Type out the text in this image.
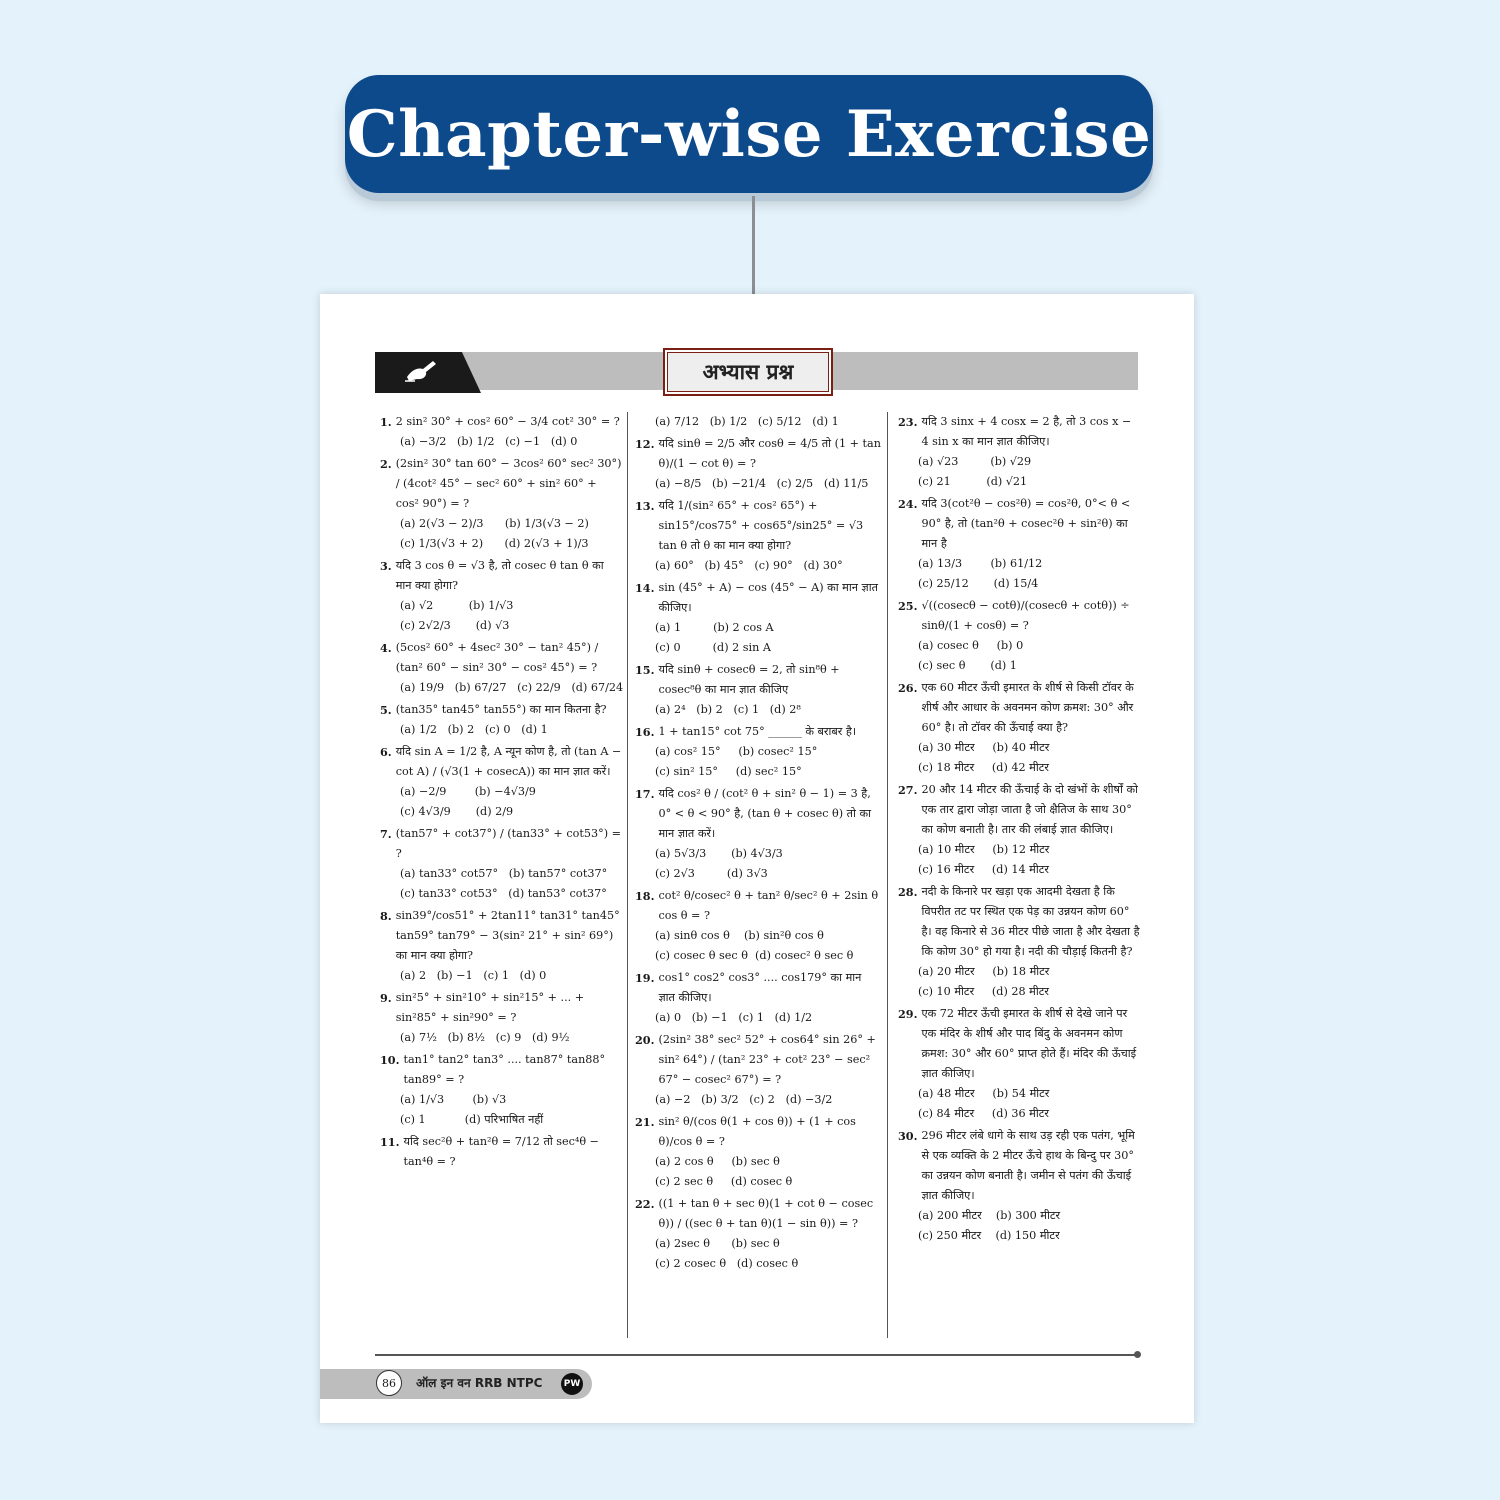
Chapter-wise Exercise
अभ्यास प्रश्न
1. 2 sin² 30° + cos² 60° − 3/4 cot² 30° = ?
(a) −3/2   (b) 1/2   (c) −1   (d) 0
2. (2sin² 30° tan 60° − 3cos² 60° sec² 30°) / (4cot² 45° − sec² 60° + sin² 60° + cos² 90°) = ?
(a) 2(√3 − 2)/3      (b) 1/3(√3 − 2)
(c) 1/3(√3 + 2)      (d) 2(√3 + 1)/3
3. यदि 3 cos θ = √3 है, तो cosec θ tan θ का मान क्या होगा?
(a) √2          (b) 1/√3
(c) 2√2/3       (d) √3
4. (5cos² 60° + 4sec² 30° − tan² 45°) / (tan² 60° − sin² 30° − cos² 45°) = ?
(a) 19/9   (b) 67/27   (c) 22/9   (d) 67/24
5. (tan35° tan45° tan55°) का मान कितना है?
(a) 1/2   (b) 2   (c) 0   (d) 1
6. यदि sin A = 1/2 है, A न्यून कोण है, तो (tan A − cot A) / (√3(1 + cosecA)) का मान ज्ञात करें।
(a) −2/9        (b) −4√3/9
(c) 4√3/9       (d) 2/9
7. (tan57° + cot37°) / (tan33° + cot53°) = ?
(a) tan33° cot57°   (b) tan57° cot37°
(c) tan33° cot53°   (d) tan53° cot37°
8. sin39°/cos51° + 2tan11° tan31° tan45° tan59° tan79° − 3(sin² 21° + sin² 69°) का मान क्या होगा?
(a) 2   (b) −1   (c) 1   (d) 0
9. sin²5° + sin²10° + sin²15° + ... + sin²85° + sin²90° = ?
(a) 7½   (b) 8½   (c) 9   (d) 9½
10. tan1° tan2° tan3° .... tan87° tan88° tan89° = ?
(a) 1/√3        (b) √3
(c) 1           (d) परिभाषित नहीं
11. यदि sec²θ + tan²θ = 7/12 तो sec⁴θ − tan⁴θ = ?
(a) 7/12   (b) 1/2   (c) 5/12   (d) 1
12. यदि sinθ = 2/5 और cosθ = 4/5 तो (1 + tan θ)/(1 − cot θ) = ?
(a) −8/5   (b) −21/4   (c) 2/5   (d) 11/5
13. यदि 1/(sin² 65° + cos² 65°) + sin15°/cos75° + cos65°/sin25° = √3 tan θ तो θ का मान क्या होगा?
(a) 60°   (b) 45°   (c) 90°   (d) 30°
14. sin (45° + A) − cos (45° − A) का मान ज्ञात कीजिए।
(a) 1         (b) 2 cos A
(c) 0         (d) 2 sin A
15. यदि sinθ + cosecθ = 2, तो sin⁸θ + cosec⁸θ का मान ज्ञात कीजिए
(a) 2⁴   (b) 2   (c) 1   (d) 2⁸
16. 1 + tan15° cot 75° ______ के बराबर है।
(a) cos² 15°     (b) cosec² 15°
(c) sin² 15°     (d) sec² 15°
17. यदि cos² θ / (cot² θ + sin² θ − 1) = 3 है, 0° < θ < 90° है, (tan θ + cosec θ) तो का मान ज्ञात करें।
(a) 5√3/3       (b) 4√3/3
(c) 2√3         (d) 3√3
18. cot² θ/cosec² θ + tan² θ/sec² θ + 2sin θ cos θ = ?
(a) sinθ cos θ    (b) sin²θ cos θ
(c) cosec θ sec θ  (d) cosec² θ sec θ
19. cos1° cos2° cos3° .... cos179° का मान ज्ञात कीजिए।
(a) 0   (b) −1   (c) 1   (d) 1/2
20. (2sin² 38° sec² 52° + cos64° sin 26° + sin² 64°) / (tan² 23° + cot² 23° − sec² 67° − cosec² 67°) = ?
(a) −2   (b) 3/2   (c) 2   (d) −3/2
21. sin² θ/(cos θ(1 + cos θ)) + (1 + cos θ)/cos θ = ?
(a) 2 cos θ     (b) sec θ
(c) 2 sec θ     (d) cosec θ
22. ((1 + tan θ + sec θ)(1 + cot θ − cosec θ)) / ((sec θ + tan θ)(1 − sin θ)) = ?
(a) 2sec θ      (b) sec θ
(c) 2 cosec θ   (d) cosec θ
23. यदि 3 sinx + 4 cosx = 2 है, तो 3 cos x − 4 sin x का मान ज्ञात कीजिए।
(a) √23         (b) √29
(c) 21          (d) √21
24. यदि 3(cot²θ − cos²θ) = cos²θ, 0°< θ < 90° है, तो (tan²θ + cosec²θ + sin²θ) का मान है
(a) 13/3        (b) 61/12
(c) 25/12       (d) 15/4
25. √((cosecθ − cotθ)/(cosecθ + cotθ)) ÷ sinθ/(1 + cosθ) = ?
(a) cosec θ     (b) 0
(c) sec θ       (d) 1
26. एक 60 मीटर ऊँची इमारत के शीर्ष से किसी टॉवर के शीर्ष और आधार के अवनमन कोण क्रमश: 30° और 60° है। तो टॉवर की ऊँचाई क्या है?
(a) 30 मीटर     (b) 40 मीटर
(c) 18 मीटर     (d) 42 मीटर
27. 20 और 14 मीटर की ऊँचाई के दो खंभों के शीर्षों को एक तार द्वारा जोड़ा जाता है जो क्षैतिज के साथ 30° का कोण बनाती है। तार की लंबाई ज्ञात कीजिए।
(a) 10 मीटर     (b) 12 मीटर
(c) 16 मीटर     (d) 14 मीटर
28. नदी के किनारे पर खड़ा एक आदमी देखता है कि विपरीत तट पर स्थित एक पेड़ का उन्नयन कोण 60° है। वह किनारे से 36 मीटर पीछे जाता है और देखता है कि कोण 30° हो गया है। नदी की चौड़ाई कितनी है?
(a) 20 मीटर     (b) 18 मीटर
(c) 10 मीटर     (d) 28 मीटर
29. एक 72 मीटर ऊँची इमारत के शीर्ष से देखे जाने पर एक मंदिर के शीर्ष और पाद बिंदु के अवनमन कोण क्रमश: 30° और 60° प्राप्त होते हैं। मंदिर की ऊँचाई ज्ञात कीजिए।
(a) 48 मीटर     (b) 54 मीटर
(c) 84 मीटर     (d) 36 मीटर
30. 296 मीटर लंबे धागे के साथ उड़ रही एक पतंग, भूमि से एक व्यक्ति के 2 मीटर ऊँचे हाथ के बिन्दु पर 30° का उन्नयन कोण बनाती है। जमीन से पतंग की ऊँचाई ज्ञात कीजिए।
(a) 200 मीटर    (b) 300 मीटर
(c) 250 मीटर    (d) 150 मीटर
86	ऑल इन वन RRB NTPC	PW
